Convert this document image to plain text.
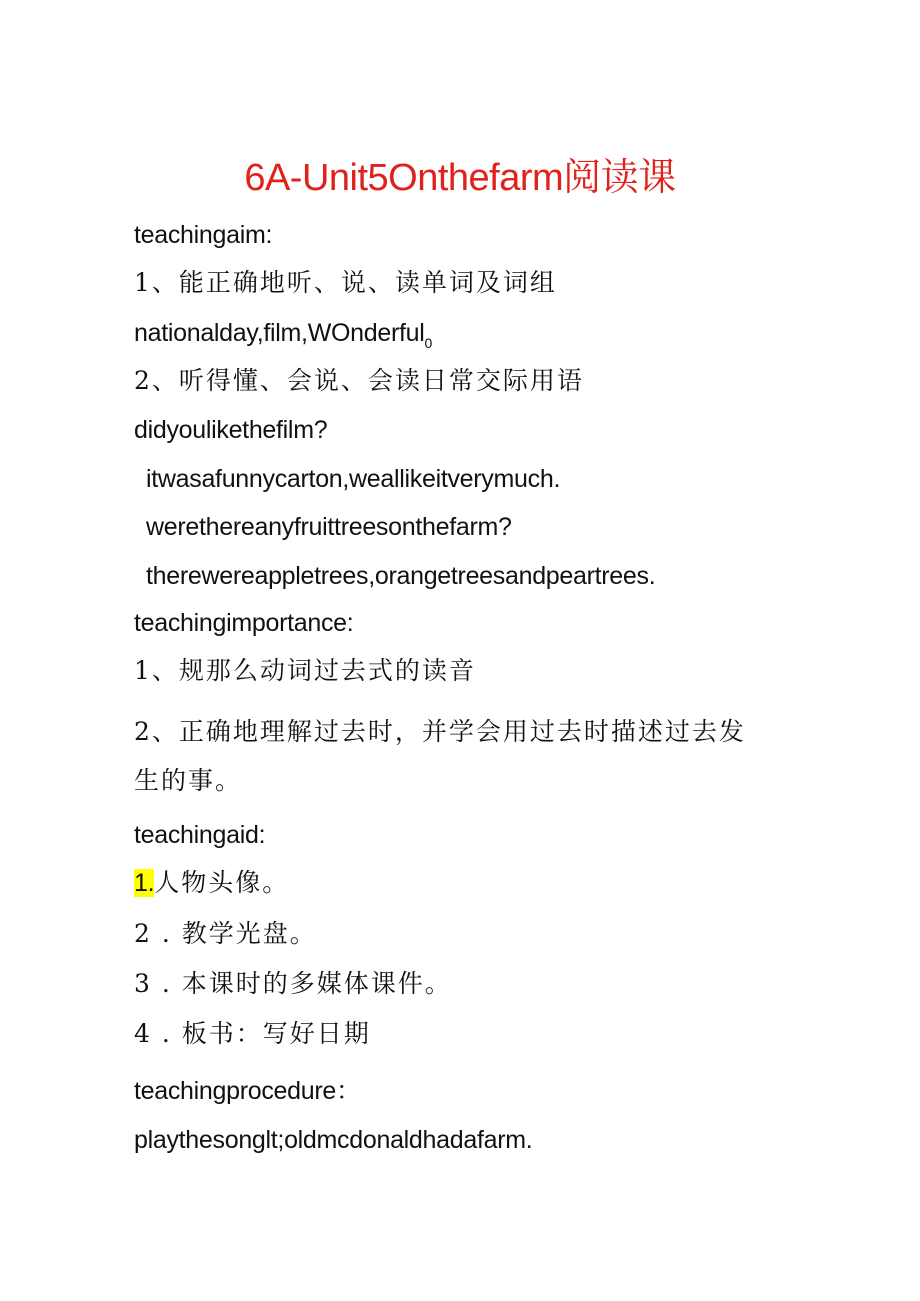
6A-Unit5Onthefarm阅读课
teachingaim:
1、能正确地听、说、读单词及词组
nationalday,film,WOnderful$_0$
2、听得懂、会说、会读日常交际用语
didyoulikethefilm?
itwasafunnycarton,weallikeitverymuch.
werethereanyfruittreesonthefarm?
therewereappletrees,orangetreesandpeartrees.
teachingimportance:
1、规那么动词过去式的读音
2、正确地理解过去时，并学会用过去时描述过去发
生的事。
teachingaid:
1.人物头像。
2 . 教学光盘。
3 . 本课时的多媒体课件。
4 . 板书：写好日期
teachingprocedure：
playthesonglt;oldmcdonaldhadafarm.
